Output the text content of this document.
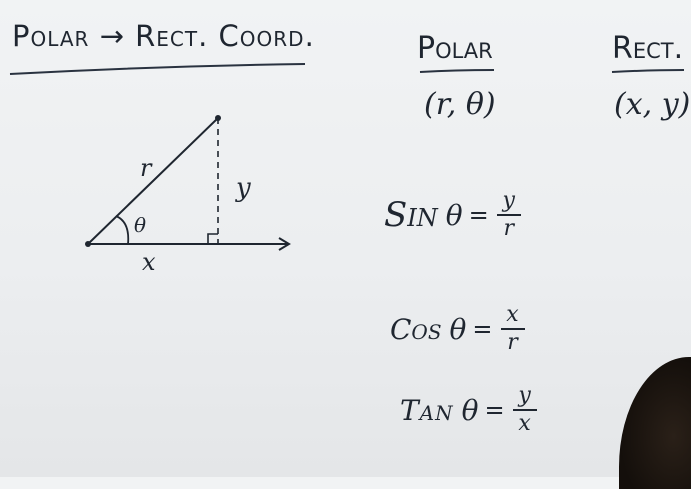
Polar → Rect. Coord.	Polar	Rect.

(r, θ)	(x, y)

r
y
x
θ	Sin $\theta = \frac{y}{r}$
Cos $\theta = \frac{x}{r}$
Tan $\theta = \frac{y}{x}$
